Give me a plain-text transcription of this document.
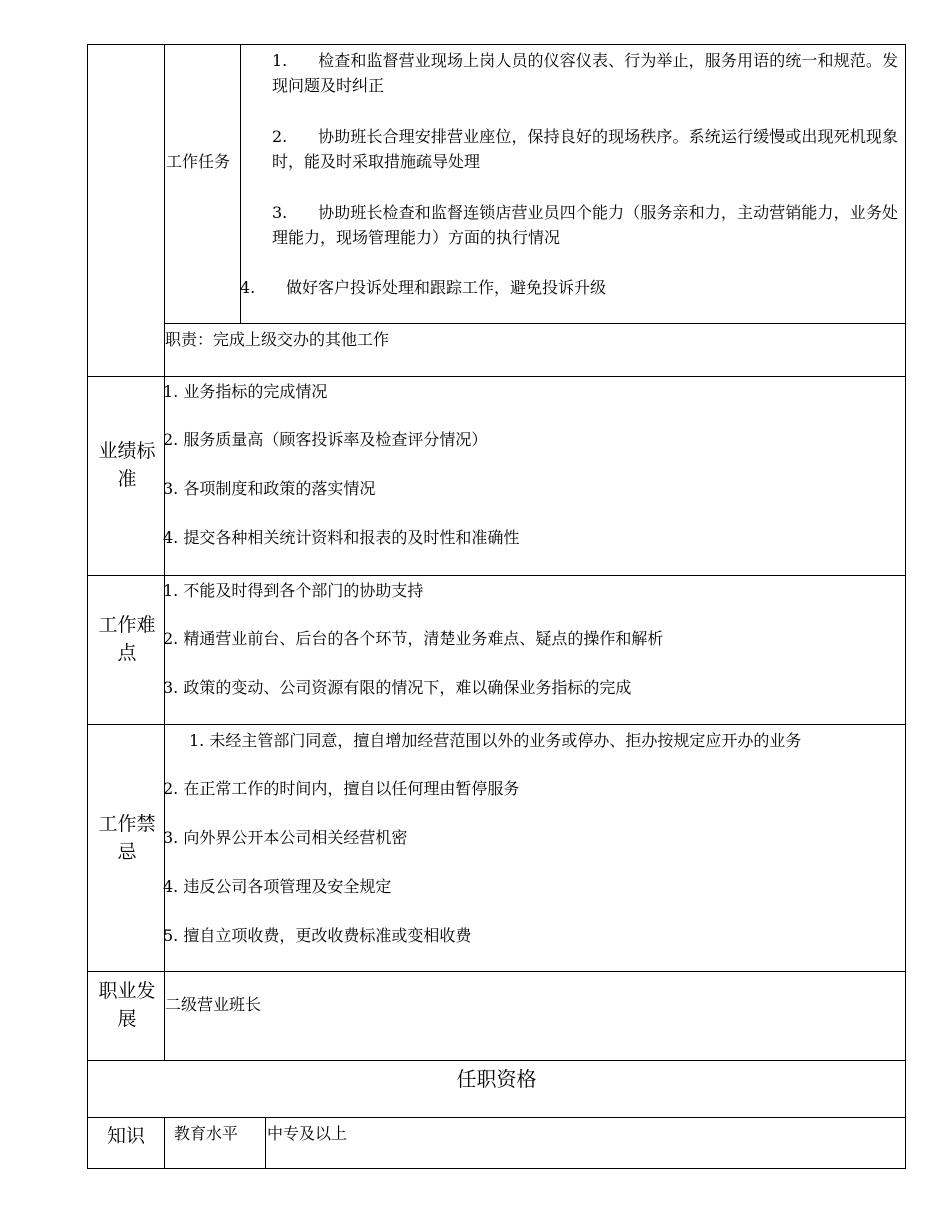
工作任务
1. 检查和监督营业现场上岗人员的仪容仪表、行为举止，服务用语的统一和规范。发现问题及时纠正
2. 协助班长合理安排营业座位，保持良好的现场秩序。系统运行缓慢或出现死机现象时，能及时采取措施疏导处理
3. 协助班长检查和监督连锁店营业员四个能力（服务亲和力，主动营销能力，业务处理能力，现场管理能力）方面的执行情况
4. 做好客户投诉处理和跟踪工作，避免投诉升级
职责：完成上级交办的其他工作
业绩标准
1. 业务指标的完成情况
2. 服务质量高（顾客投诉率及检查评分情况）
3. 各项制度和政策的落实情况
4. 提交各种相关统计资料和报表的及时性和准确性
工作难点
1. 不能及时得到各个部门的协助支持
2. 精通营业前台、后台的各个环节，清楚业务难点、疑点的操作和解析
3. 政策的变动、公司资源有限的情况下，难以确保业务指标的完成
工作禁忌
1. 未经主管部门同意，擅自增加经营范围以外的业务或停办、拒办按规定应开办的业务
2. 在正常工作的时间内，擅自以任何理由暂停服务
3. 向外界公开本公司相关经营机密
4. 违反公司各项管理及安全规定
5. 擅自立项收费，更改收费标准或变相收费
职业发展
二级营业班长
任职资格
知识	教育水平 中专及以上
